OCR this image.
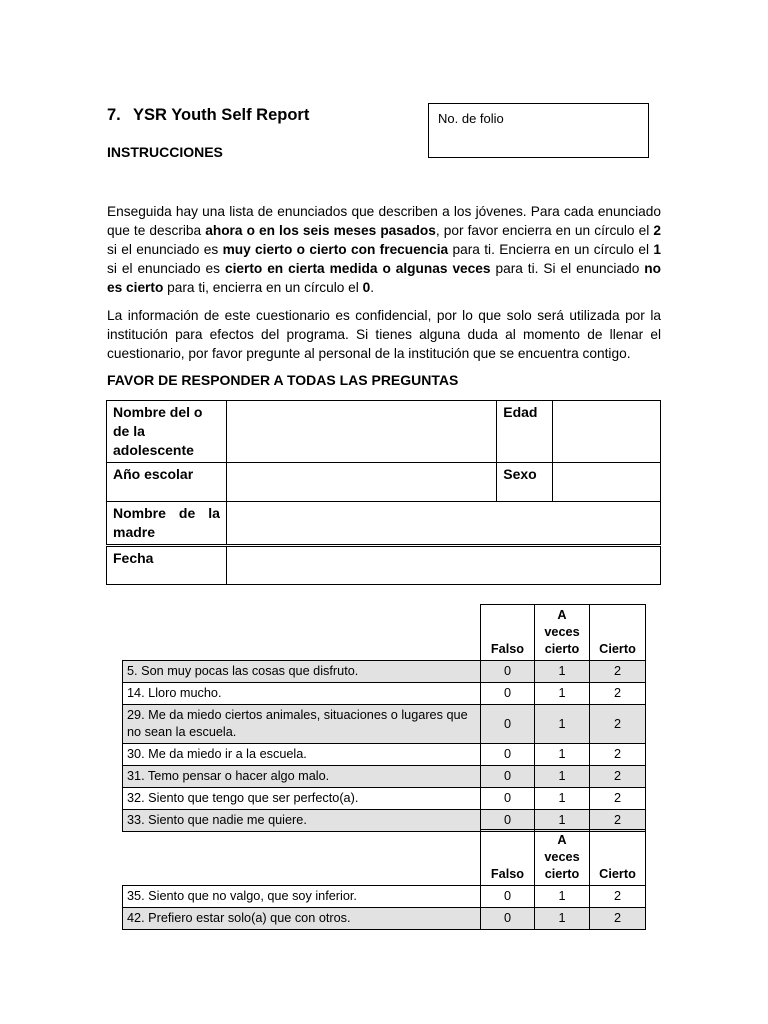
7. YSR Youth Self Report	No. de folio
INSTRUCCIONES
Enseguida hay una lista de enunciados que describen a los jóvenes. Para cada enunciado que te describa ahora o en los seis meses pasados, por favor encierra en un círculo el 2 si el enunciado es muy cierto o cierto con frecuencia para ti. Encierra en un círculo el 1 si el enunciado es cierto en cierta medida o algunas veces para ti. Si el enunciado no es cierto para ti, encierra en un círculo el 0.
La información de este cuestionario es confidencial, por lo que solo será utilizada por la institución para efectos del programa. Si tienes alguna duda al momento de llenar el cuestionario, por favor pregunte al personal de la institución que se encuentra contigo.
FAVOR DE RESPONDER A TODAS LAS PREGUNTAS
Nombre del o de la adolescente		Edad	
Año escolar		Sexo	
Nombre de la madre			
Fecha	
	Falso	A veces cierto	Cierto
5. Son muy pocas las cosas que disfruto.	0	1	2
14. Lloro mucho.	0	1	2
29. Me da miedo ciertos animales, situaciones o lugares que no sean la escuela.	0	1	2
30. Me da miedo ir a la escuela.	0	1	2
31. Temo pensar o hacer algo malo.	0	1	2
32. Siento que tengo que ser perfecto(a).	0	1	2
33. Siento que nadie me quiere.	0	1	2
	Falso	A veces cierto	Cierto
35. Siento que no valgo, que soy inferior.	0	1	2
42. Prefiero estar solo(a) que con otros.	0	1	2
